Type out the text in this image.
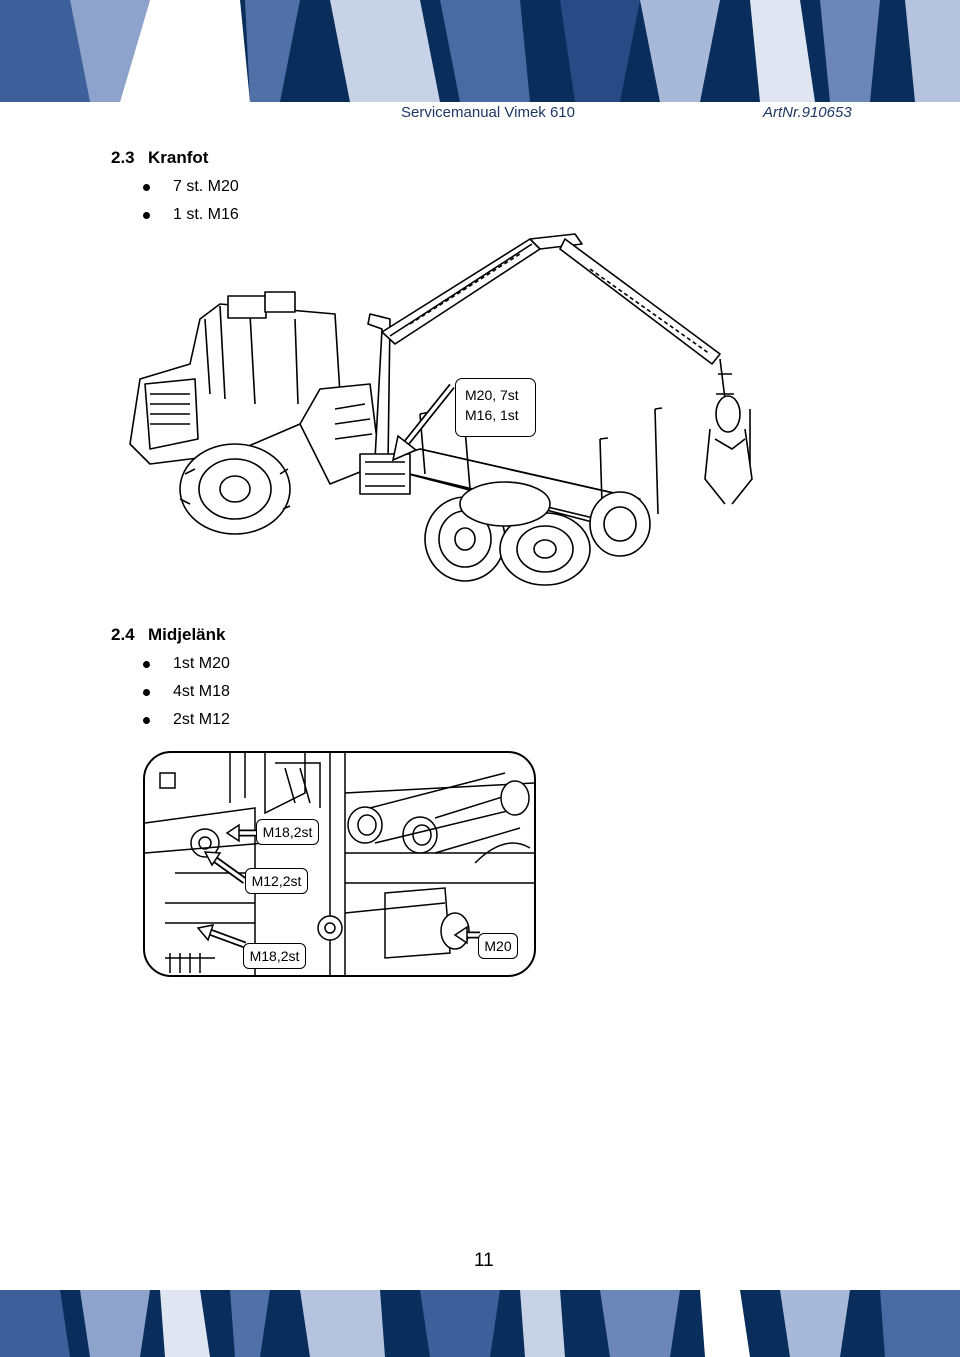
Servicemanual Vimek 610	ArtNr.910653
2.3 Kranfot
7 st. M20
1 st. M16
M20, 7st
M16, 1st
2.4 Midjelänk
1st M20
4st M18
2st M12
M18,2st
M12,2st
M18,2st
M20
11
